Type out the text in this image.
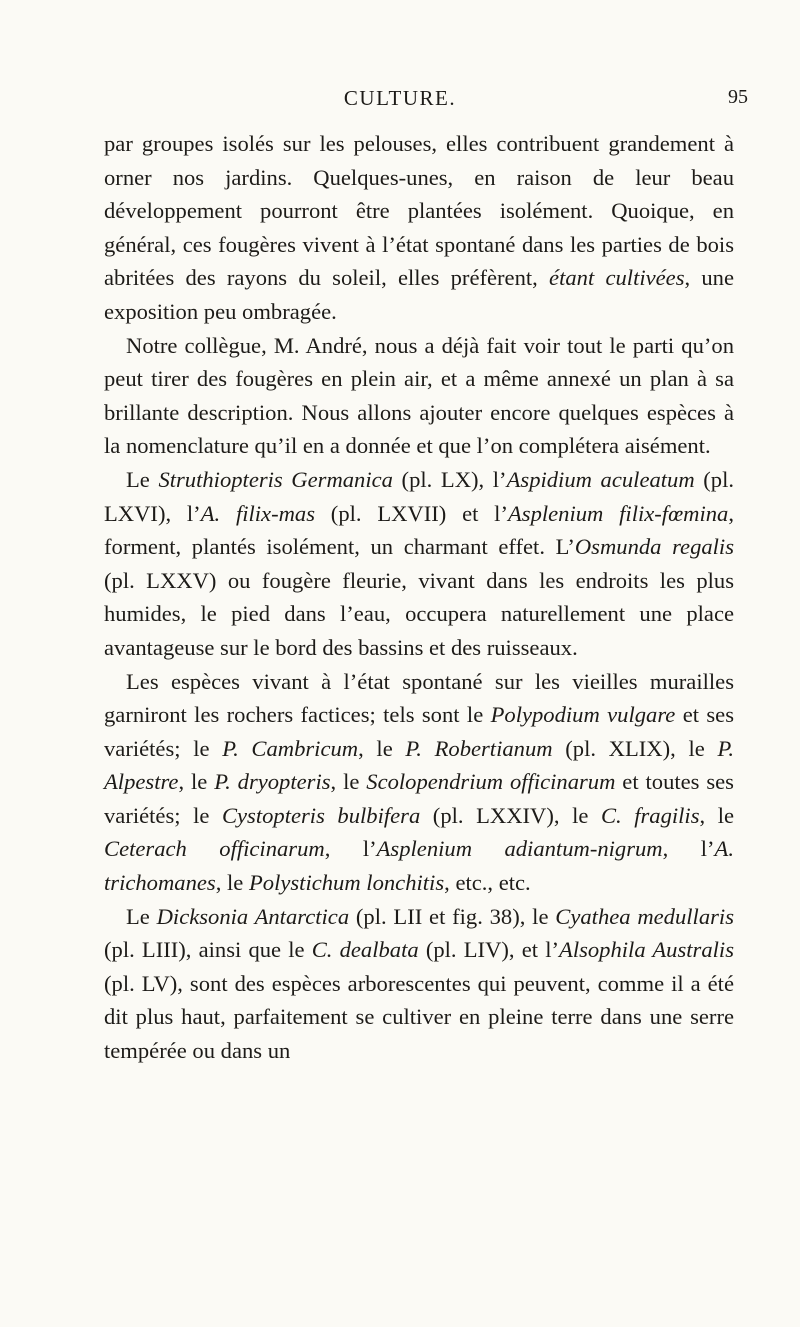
CULTURE.	95

par groupes isolés sur les pelouses, elles contribuent grandement à orner nos jardins. Quelques-unes, en raison de leur beau développement pourront être plantées isolément. Quoique, en général, ces fougères vivent à l’état spontané dans les parties de bois abritées des rayons du soleil, elles préfèrent, étant cultivées, une exposition peu ombragée.

Notre collègue, M. André, nous a déjà fait voir tout le parti qu’on peut tirer des fougères en plein air, et a même annexé un plan à sa brillante description. Nous allons ajouter encore quelques espèces à la nomenclature qu’il en a donnée et que l’on complétera aisément.

Le Struthiopteris Germanica (pl. LX), l’Aspidium aculeatum (pl. LXVI), l’A. filix-mas (pl. LXVII) et l’Asplenium filix-fœmina, forment, plantés isolément, un charmant effet. L’Osmunda regalis (pl. LXXV) ou fougère fleurie, vivant dans les endroits les plus humides, le pied dans l’eau, occupera naturellement une place avantageuse sur le bord des bassins et des ruisseaux.

Les espèces vivant à l’état spontané sur les vieilles murailles garniront les rochers factices; tels sont le Polypodium vulgare et ses variétés; le P. Cambricum, le P. Robertianum (pl. XLIX), le P. Alpestre, le P. dryopteris, le Scolopendrium officinarum et toutes ses variétés; le Cystopteris bulbifera (pl. LXXIV), le C. fragilis, le Ceterach officinarum, l’Asplenium adiantum-nigrum, l’A. trichomanes, le Polystichum lonchitis, etc., etc.

Le Dicksonia Antarctica (pl. LII et fig. 38), le Cyathea medullaris (pl. LIII), ainsi que le C. dealbata (pl. LIV), et l’Alsophila Australis (pl. LV), sont des espèces arborescentes qui peuvent, comme il a été dit plus haut, parfaitement se cultiver en pleine terre dans une serre tempérée ou dans un
